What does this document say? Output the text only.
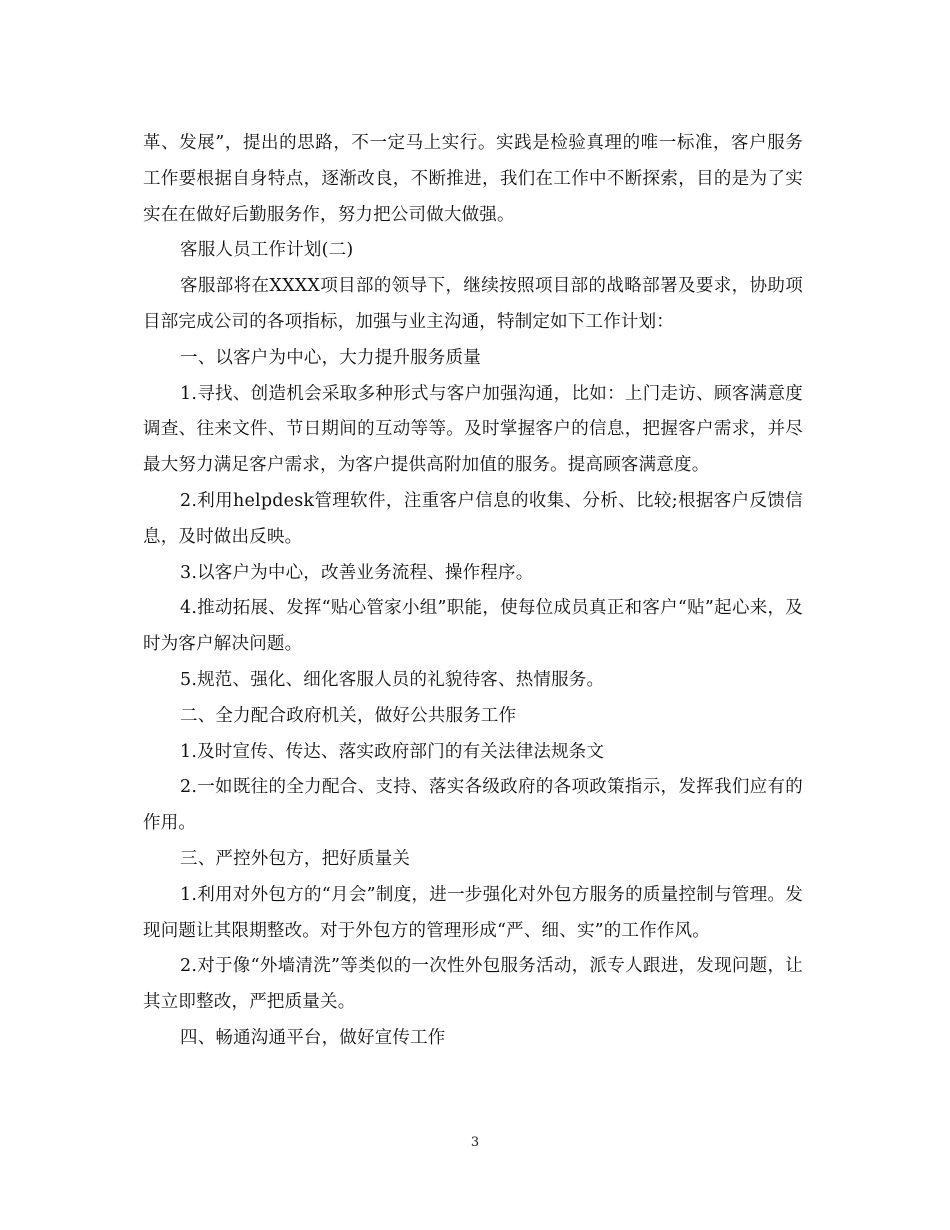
革、发展”，提出的思路，不一定马上实行。实践是检验真理的唯一标准，客户服务工作要根据自身特点，逐渐改良，不断推进，我们在工作中不断探索，目的是为了实实在在做好后勤服务作，努力把公司做大做强。

客服人员工作计划(二)

客服部将在XXXX项目部的领导下，继续按照项目部的战略部署及要求，协助项目部完成公司的各项指标，加强与业主沟通，特制定如下工作计划：

一、以客户为中心，大力提升服务质量

1.寻找、创造机会采取多种形式与客户加强沟通，比如：上门走访、顾客满意度调查、往来文件、节日期间的互动等等。及时掌握客户的信息，把握客户需求，并尽最大努力满足客户需求，为客户提供高附加值的服务。提高顾客满意度。

2.利用helpdesk管理软件，注重客户信息的收集、分析、比较;根据客户反馈信息，及时做出反映。

3.以客户为中心，改善业务流程、操作程序。

4.推动拓展、发挥“贴心管家小组”职能，使每位成员真正和客户“贴”起心来，及时为客户解决问题。

5.规范、强化、细化客服人员的礼貌待客、热情服务。

二、全力配合政府机关，做好公共服务工作

1.及时宣传、传达、落实政府部门的有关法律法规条文

2.一如既往的全力配合、支持、落实各级政府的各项政策指示，发挥我们应有的作用。

三、严控外包方，把好质量关

1.利用对外包方的“月会”制度，进一步强化对外包方服务的质量控制与管理。发现问题让其限期整改。对于外包方的管理形成“严、细、实”的工作作风。

2.对于像“外墙清洗”等类似的一次性外包服务活动，派专人跟进，发现问题，让其立即整改，严把质量关。

四、畅通沟通平台，做好宣传工作

3
